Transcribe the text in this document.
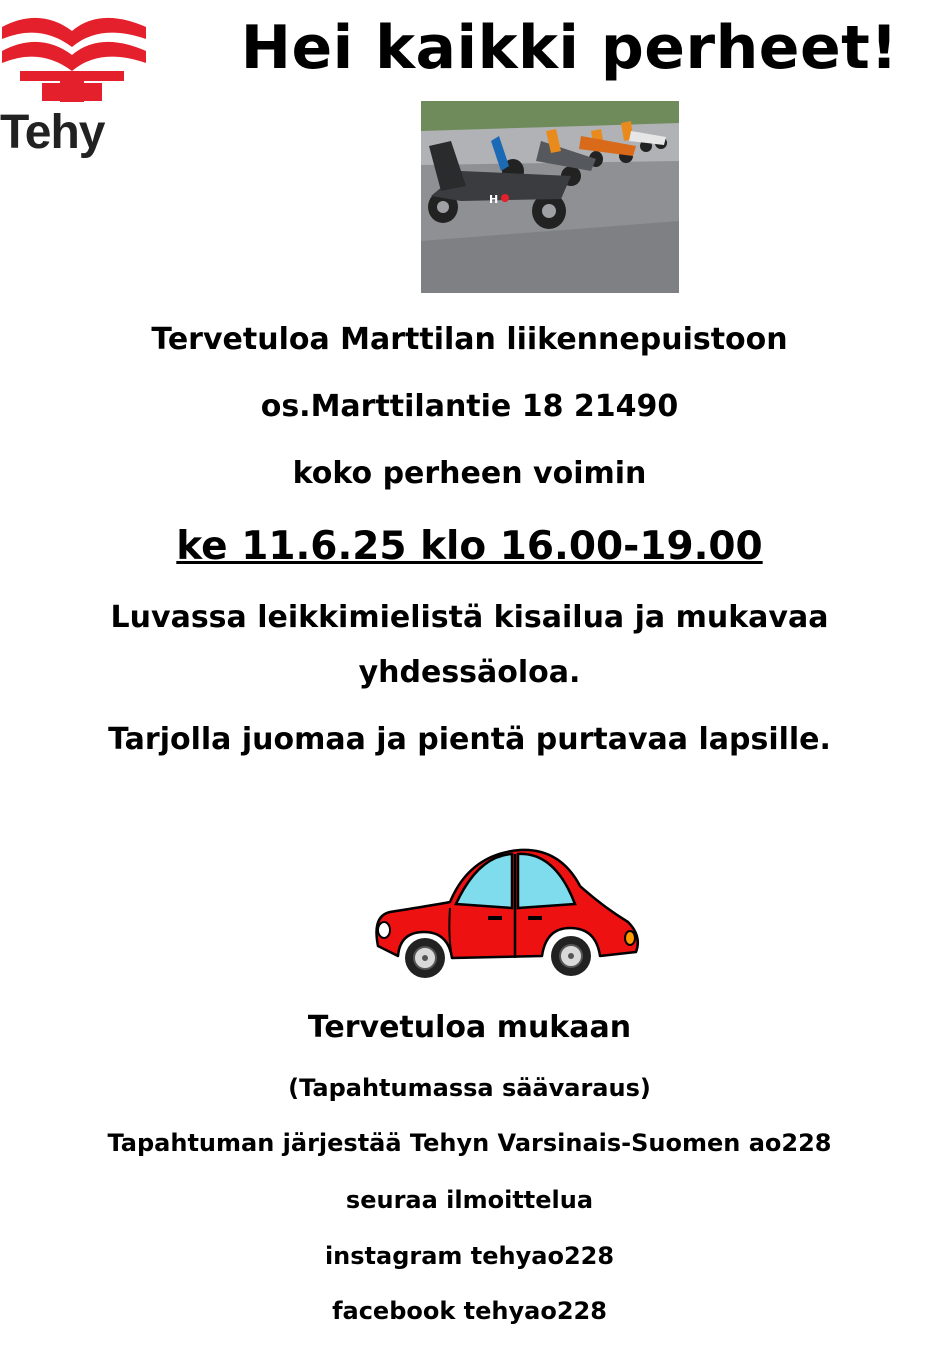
Tehy
Hei kaikki perheet!
H
Tervetuloa Marttilan liikennepuistoon
os.Marttilantie 18 21490
koko perheen voimin
ke 11.6.25 klo 16.00-19.00
Luvassa leikkimielistä kisailua ja mukavaa
yhdessäoloa.
Tarjolla juomaa ja pientä purtavaa lapsille.
Tervetuloa mukaan
(Tapahtumassa säävaraus)
Tapahtuman järjestää Tehyn Varsinais-Suomen ao228
seuraa ilmoittelua
instagram tehyao228
facebook tehyao228
